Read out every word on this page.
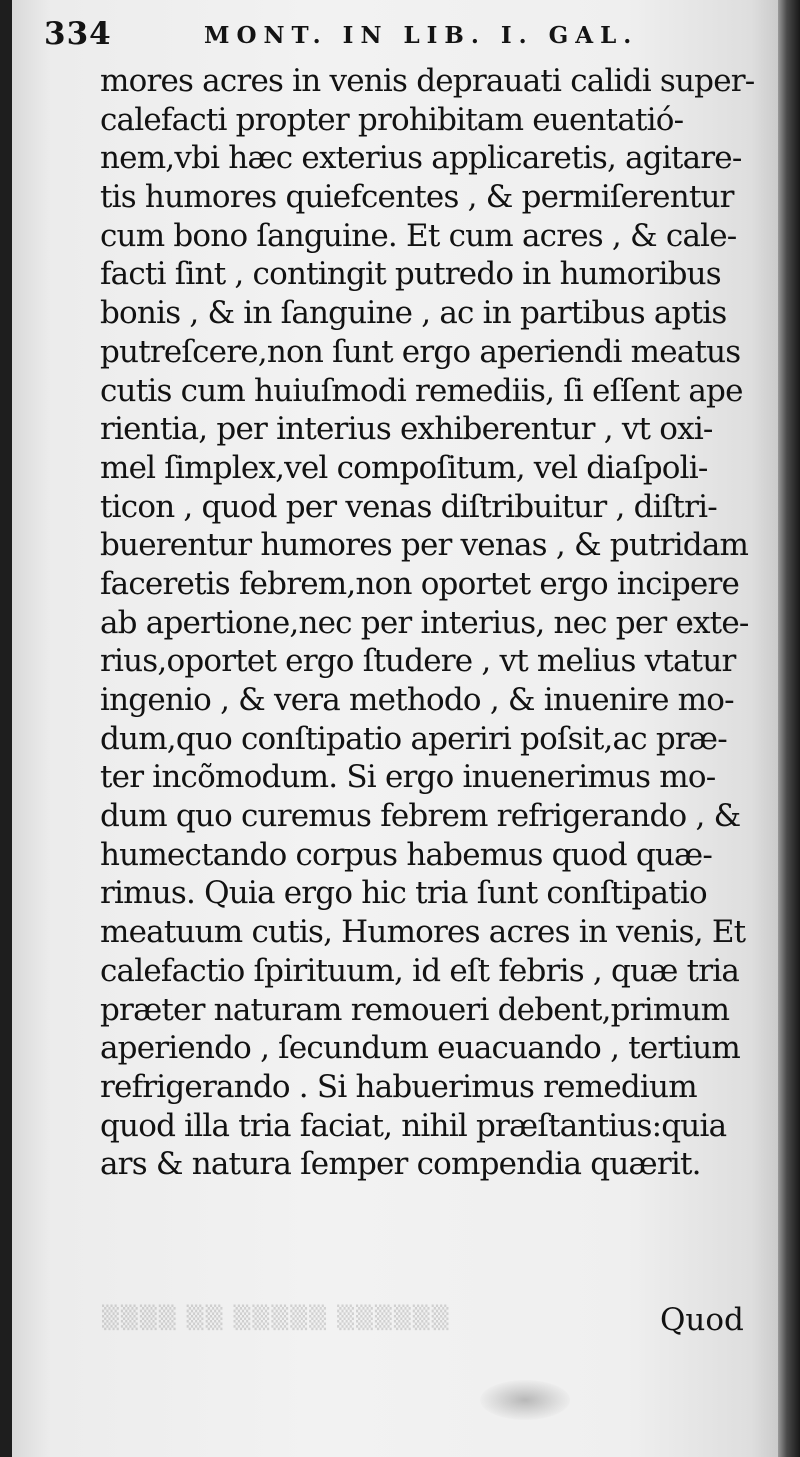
334	MONT. IN LIB. I. GAL.
mores acres in venis deprauati calidi super-
calefacti propter prohibitam euentatió-
nem,vbi hæc exterius applicaretis, agitare-
tis humores quiefcentes , & permiſerentur
cum bono ſanguine. Et cum acres , & cale-
facti ſint , contingit putredo in humoribus
bonis , & in ſanguine , ac in partibus aptis
putreſcere,non ſunt ergo aperiendi meatus
cutis cum huiuſmodi remediis, ſi eſſent ape
rientia, per interius exhiberentur , vt oxi-
mel ſimplex,vel compoſitum, vel diaſpoli-
ticon , quod per venas diſtribuitur , diſtri-
buerentur humores per venas , & putridam
faceretis febrem,non oportet ergo incipere
ab apertione,nec per interius, nec per exte-
rius,oportet ergo ſtudere , vt melius vtatur
ingenio , & vera methodo , & inuenire mo-
dum,quo conſtipatio aperiri poſsit,ac præ-
ter incõmodum. Si ergo inuenerimus mo-
dum quo curemus febrem refrigerando , &
humectando corpus habemus quod quæ-
rimus. Quia ergo hic tria ſunt conſtipatio
meatuum cutis, Humores acres in venis, Et
calefactio ſpirituum, id eſt febris , quæ tria
præter naturam remoueri debent,primum
aperiendo , ſecundum euacuando , tertium
refrigerando . Si habuerimus remedium
quod illa tria faciat, nihil præſtantius:quia
ars & natura ſemper compendia quærit.
▒▒▒▒ ▒▒ ▒▒▒▒▒ ▒▒▒▒▒▒	Quod
